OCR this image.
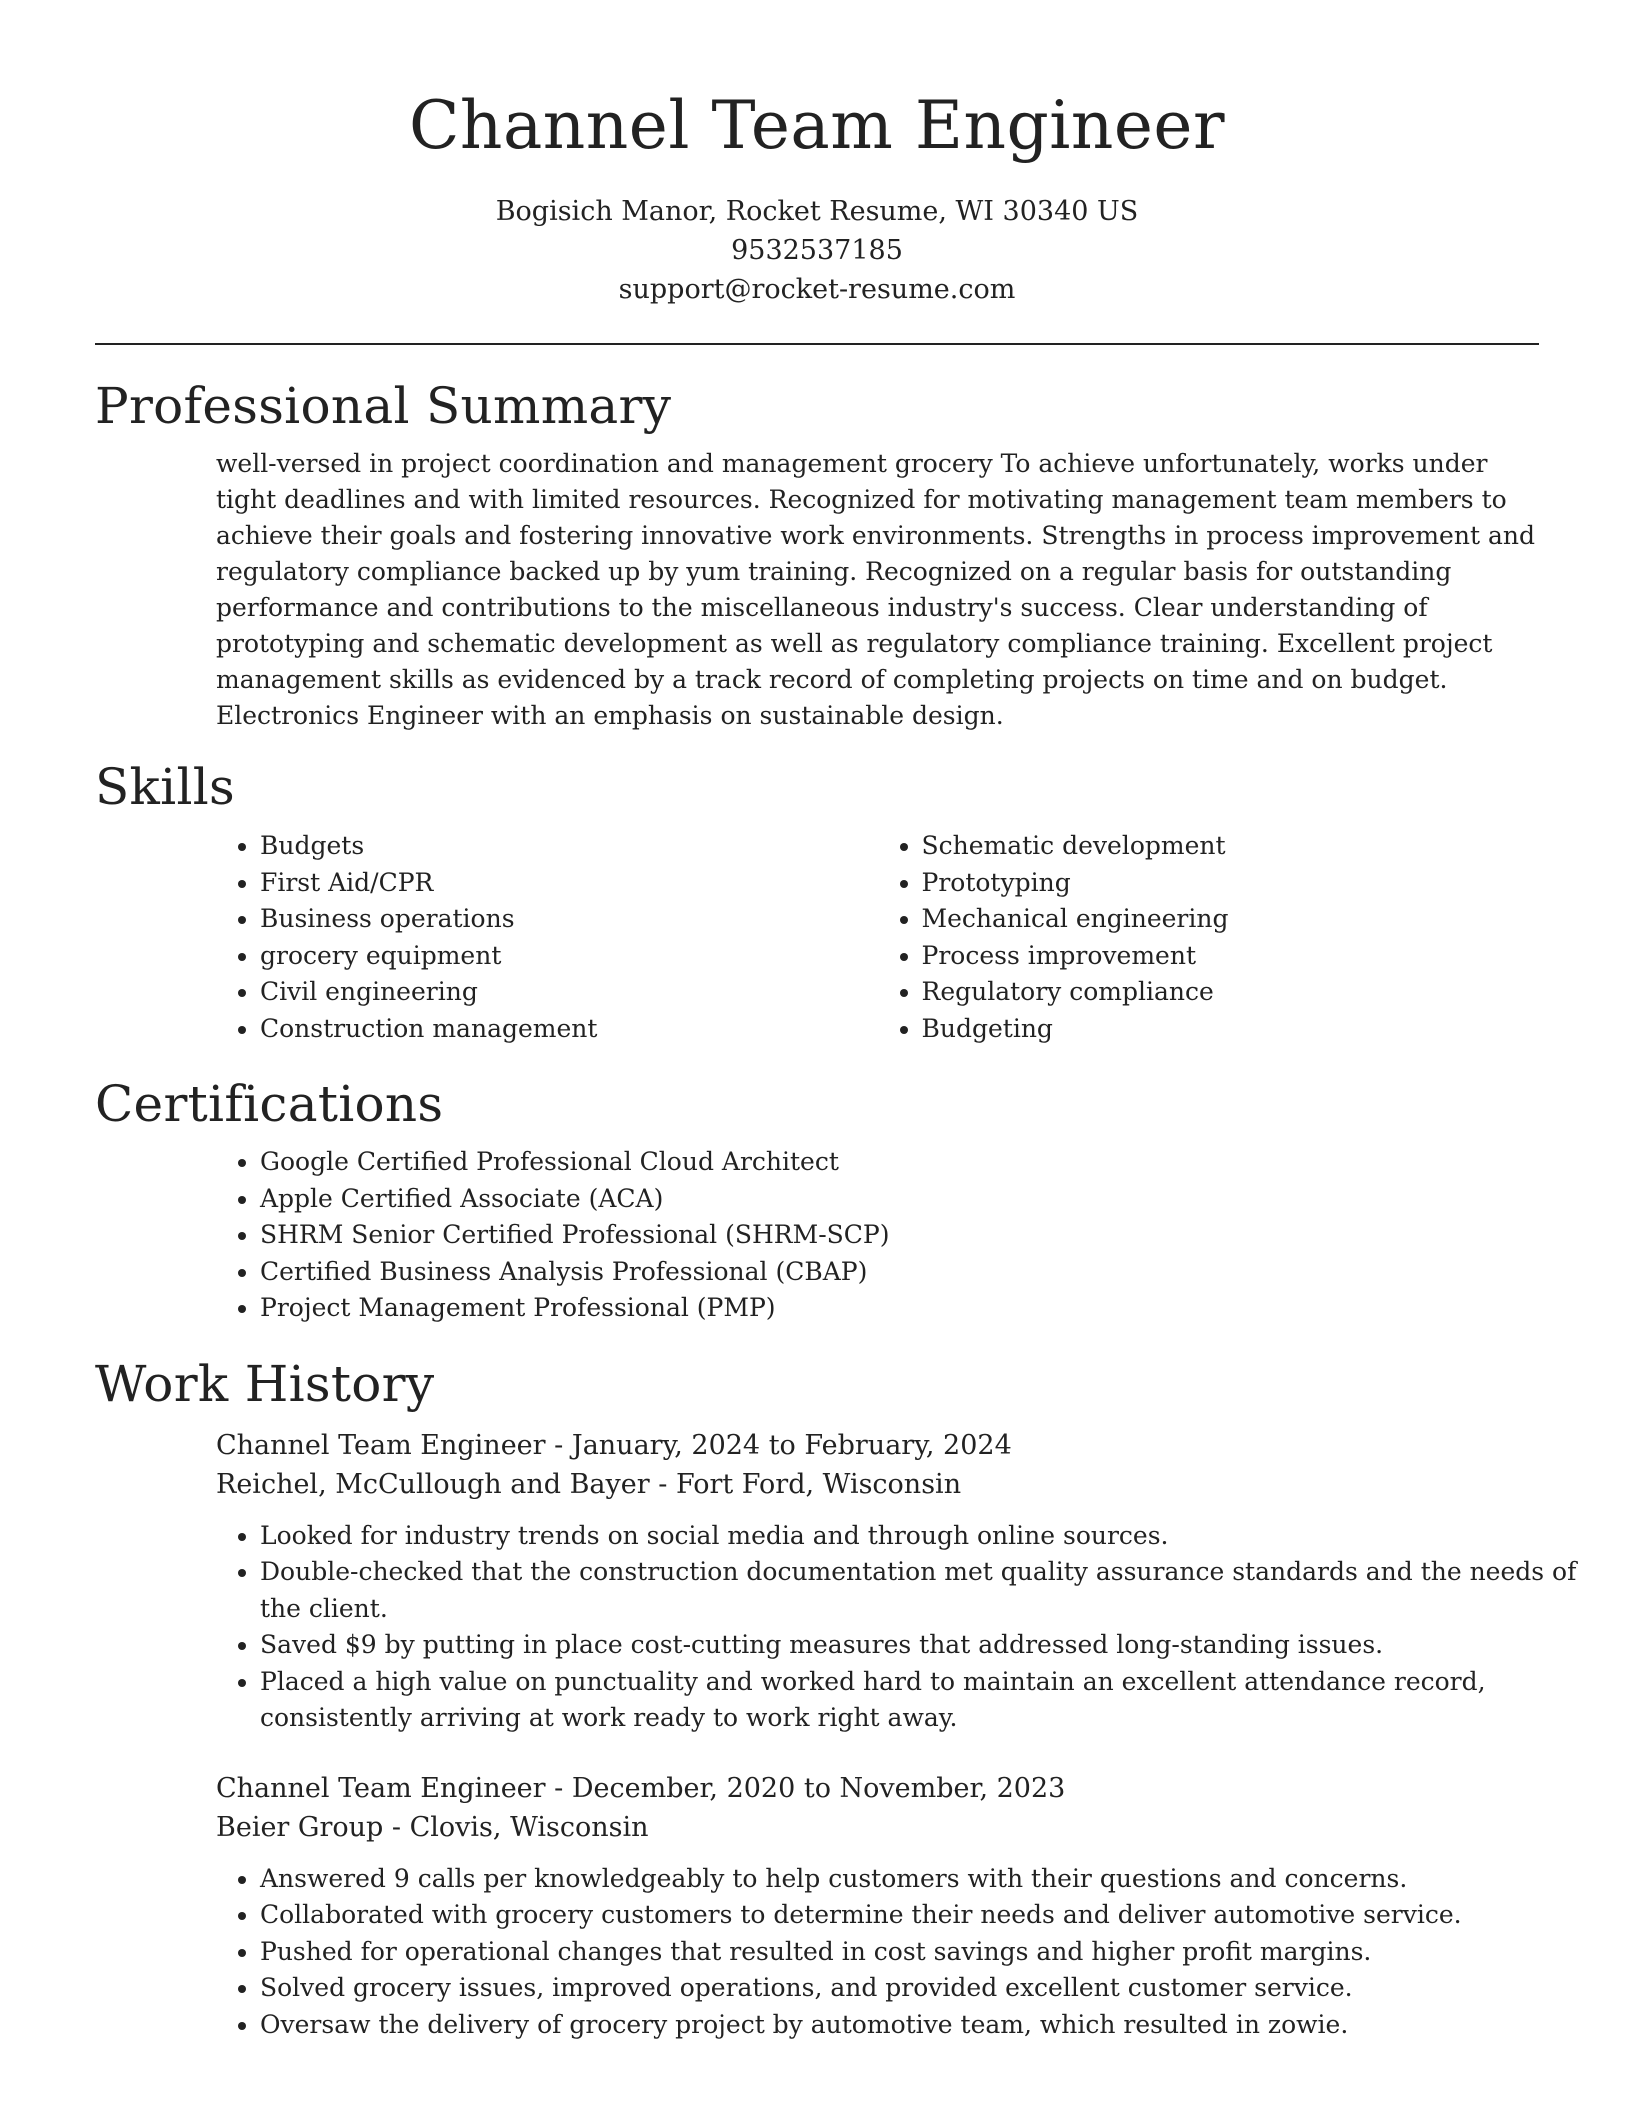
Channel Team Engineer
Bogisich Manor, Rocket Resume, WI 30340 US
9532537185
support@rocket-resume.com
Professional Summary

well-versed in project coordination and management grocery To achieve unfortunately, works under tight deadlines and with limited resources. Recognized for motivating management team members to achieve their goals and fostering innovative work environments. Strengths in process improvement and regulatory compliance backed up by yum training. Recognized on a regular basis for outstanding performance and contributions to the miscellaneous industry's success. Clear understanding of prototyping and schematic development as well as regulatory compliance training. Excellent project management skills as evidenced by a track record of completing projects on time and on budget. Electronics Engineer with an emphasis on sustainable design.

Skills
• Budgets
• First Aid/CPR
• Business operations
• grocery equipment
• Civil engineering
• Construction management
• Schematic development
• Prototyping
• Mechanical engineering
• Process improvement
• Regulatory compliance
• Budgeting
Certifications
• Google Certified Professional Cloud Architect
• Apple Certified Associate (ACA)
• SHRM Senior Certified Professional (SHRM-SCP)
• Certified Business Analysis Professional (CBAP)
• Project Management Professional (PMP)
Work History

Channel Team Engineer - January, 2024 to February, 2024

Reichel, McCullough and Bayer - Fort Ford, Wisconsin

• Looked for industry trends on social media and through online sources.
• Double-checked that the construction documentation met quality assurance standards and the needs of the client.
• Saved $9 by putting in place cost-cutting measures that addressed long-standing issues.
• Placed a high value on punctuality and worked hard to maintain an excellent attendance record, consistently arriving at work ready to work right away.

Channel Team Engineer - December, 2020 to November, 2023

Beier Group - Clovis, Wisconsin

• Answered 9 calls per knowledgeably to help customers with their questions and concerns.
• Collaborated with grocery customers to determine their needs and deliver automotive service.
• Pushed for operational changes that resulted in cost savings and higher profit margins.
• Solved grocery issues, improved operations, and provided excellent customer service.
• Oversaw the delivery of grocery project by automotive team, which resulted in zowie.
